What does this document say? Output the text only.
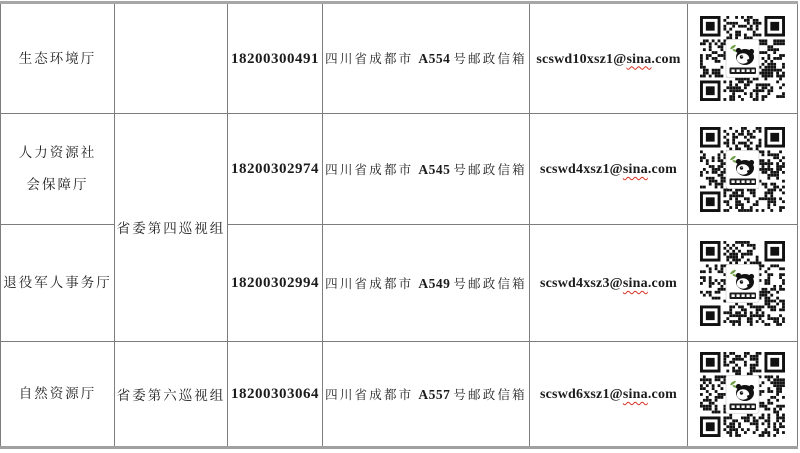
生态环境厅		18200300491	四川省成都市 A554 号邮政信箱	scswd10xsz1@sina.com	

人力资源社会保障厅	省委第四巡视组	18200302974	四川省成都市 A545 号邮政信箱	scswd4xsz1@sina.com	

退役军人事务厅		18200302994	四川省成都市 A549 号邮政信箱	scswd4xsz3@sina.com	

自然资源厅	省委第六巡视组	18200303064	四川省成都市 A557 号邮政信箱	scswd6xsz1@sina.com	
